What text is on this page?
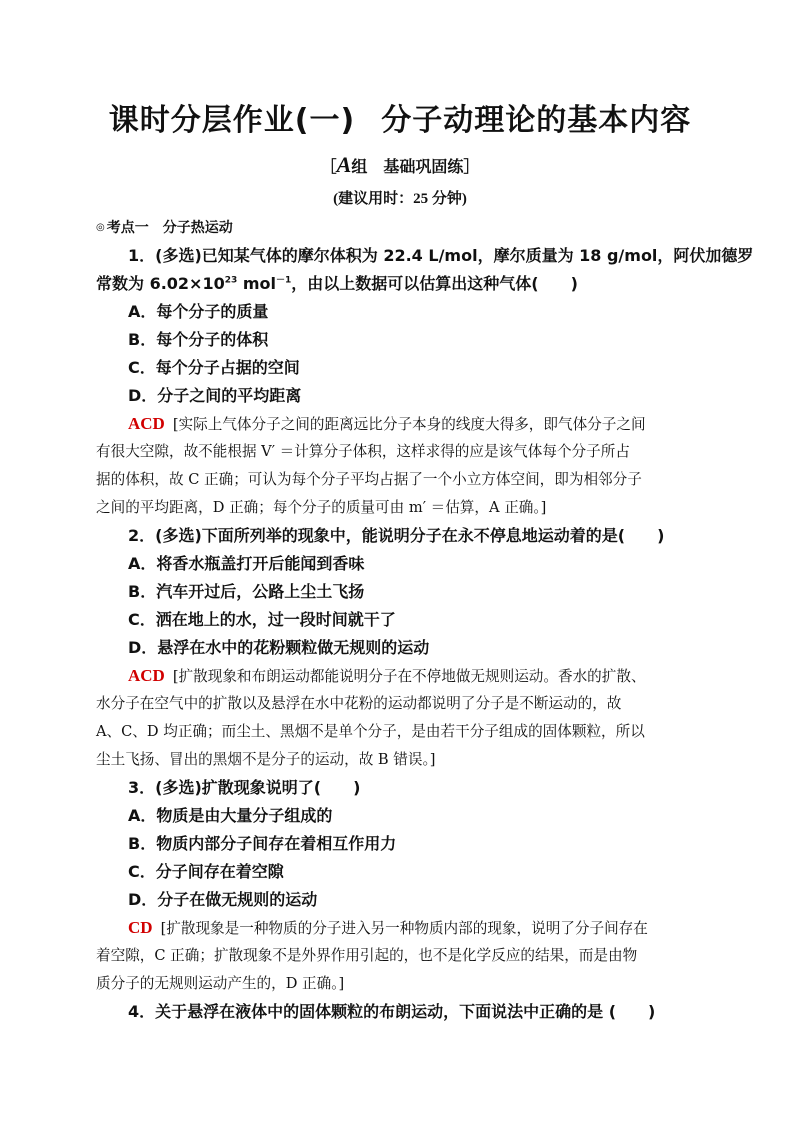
课时分层作业(一) 分子动理论的基本内容
［A组　基础巩固练］
(建议用时：25 分钟)
◎ 考点一　分子热运动
1．(多选)已知某气体的摩尔体积为 22.4 L/mol，摩尔质量为 18 g/mol，阿伏加德罗
常数为 $6.02\times 10^{23}$ mol$^{-1}$，由以上数据可以估算出这种气体(　　)
A．每个分子的质量
B．每个分子的体积
C．每个分子占据的空间
D．分子之间的平均距离
ACD [实际上气体分子之间的距离远比分子本身的线度大得多，即气体分子之间
有很大空隙，故不能根据 V′ ＝计算分子体积，这样求得的应是该气体每个分子所占
据的体积，故 C 正确；可认为每个分子平均占据了一个小立方体空间，即为相邻分子
之间的平均距离，D 正确；每个分子的质量可由 m′ ＝估算，A 正确。]
2．(多选)下面所列举的现象中，能说明分子在永不停息地运动着的是(　　)
A．将香水瓶盖打开后能闻到香味
B．汽车开过后，公路上尘土飞扬
C．洒在地上的水，过一段时间就干了
D．悬浮在水中的花粉颗粒做无规则的运动
ACD [扩散现象和布朗运动都能说明分子在不停地做无规则运动。香水的扩散、
水分子在空气中的扩散以及悬浮在水中花粉的运动都说明了分子是不断运动的，故
A、C、D 均正确；而尘土、黑烟不是单个分子，是由若干分子组成的固体颗粒，所以
尘土飞扬、冒出的黑烟不是分子的运动，故 B 错误。]
3．(多选)扩散现象说明了(　　)
A．物质是由大量分子组成的
B．物质内部分子间存在着相互作用力
C．分子间存在着空隙
D．分子在做无规则的运动
CD [扩散现象是一种物质的分子进入另一种物质内部的现象，说明了分子间存在
着空隙，C 正确；扩散现象不是外界作用引起的，也不是化学反应的结果，而是由物
质分子的无规则运动产生的，D 正确。]
4．关于悬浮在液体中的固体颗粒的布朗运动，下面说法中正确的是 (　　)
